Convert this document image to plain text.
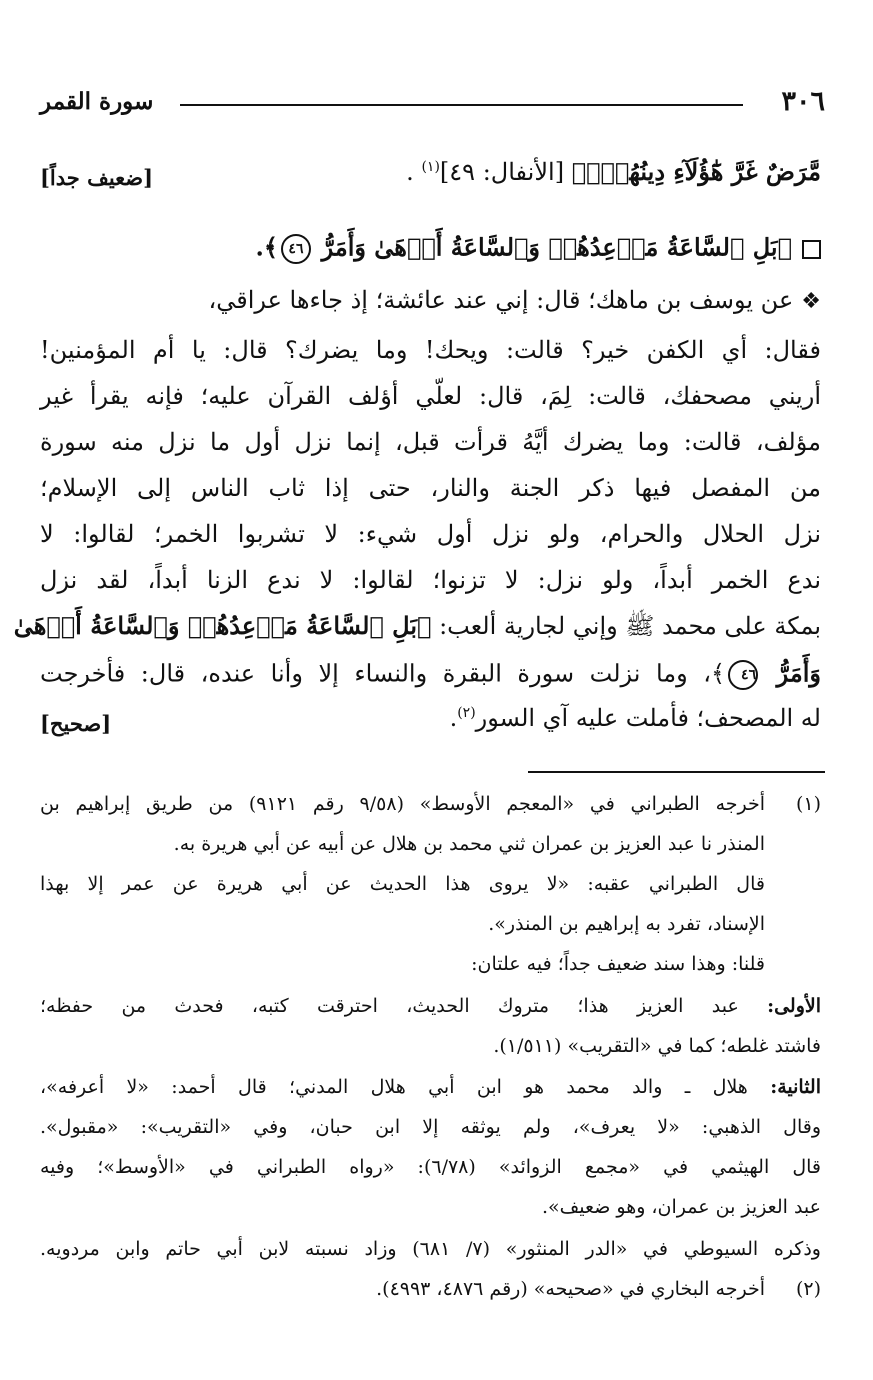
٣٠٦
سورة القمر
مَّرَضٌ غَرَّ هَٰٓؤُلَآءِ دِينُهُمۡۗ﴾ [الأنفال: ٤٩]$^{(١)}$ .
[ضعيف جداً]
﴿بَلِ ٱلسَّاعَةُ مَوۡعِدُهُمۡ وَٱلسَّاعَةُ أَدۡهَىٰ وَأَمَرُّ ٤٦﴾.
❖عن يوسف بن ماهك؛ قال: إني عند عائشة؛ إذ جاءها عراقي،
فقال: أي الكفن خير؟ قالت: ويحك! وما يضرك؟ قال: يا أم المؤمنين!
أريني مصحفك، قالت: لِمَ، قال: لعلّي أؤلف القرآن عليه؛ فإنه يقرأ غير
مؤلف، قالت: وما يضرك أيَّهُ قرأت قبل، إنما نزل أول ما نزل منه سورة
من المفصل فيها ذكر الجنة والنار، حتى إذا ثاب الناس إلى الإسلام؛
نزل الحلال والحرام، ولو نزل أول شيء: لا تشربوا الخمر؛ لقالوا: لا
ندع الخمر أبداً، ولو نزل: لا تزنوا؛ لقالوا: لا ندع الزنا أبداً، لقد نزل
بمكة على محمد ﷺ وإني لجارية ألعب: ﴿بَلِ ٱلسَّاعَةُ مَوۡعِدُهُمۡ وَٱلسَّاعَةُ أَدۡهَىٰ
وَأَمَرُّ ٤٦﴾، وما نزلت سورة البقرة والنساء إلا وأنا عنده، قال: فأخرجت
له المصحف؛ فأملت عليه آي السور$^{(٢)}$.
[صحيح]
(١)
أخرجه الطبراني في «المعجم الأوسط» (٩/٥٨ رقم ٩١٢١) من طريق إبراهيم بن
المنذر نا عبد العزيز بن عمران ثني محمد بن هلال عن أبيه عن أبي هريرة به.
قال الطبراني عقبه: «لا يروى هذا الحديث عن أبي هريرة عن عمر إلا بهذا
الإسناد، تفرد به إبراهيم بن المنذر».
قلنا: وهذا سند ضعيف جداً؛ فيه علتان:
الأولى: عبد العزيز هذا؛ متروك الحديث، احترقت كتبه، فحدث من حفظه؛
فاشتد غلطه؛ كما في «التقريب» (١/٥١١).
الثانية: هلال ـ والد محمد هو ابن أبي هلال المدني؛ قال أحمد: «لا أعرفه»،
وقال الذهبي: «لا يعرف»، ولم يوثقه إلا ابن حبان، وفي «التقريب»: «مقبول».
قال الهيثمي في «مجمع الزوائد» (٦/٧٨): «رواه الطبراني في «الأوسط»؛ وفيه
عبد العزيز بن عمران، وهو ضعيف».
وذكره السيوطي في «الدر المنثور» (٧/ ٦٨١) وزاد نسبته لابن أبي حاتم وابن مردويه.
(٢)
أخرجه البخاري في «صحيحه» (رقم ٤٨٧٦، ٤٩٩٣).
